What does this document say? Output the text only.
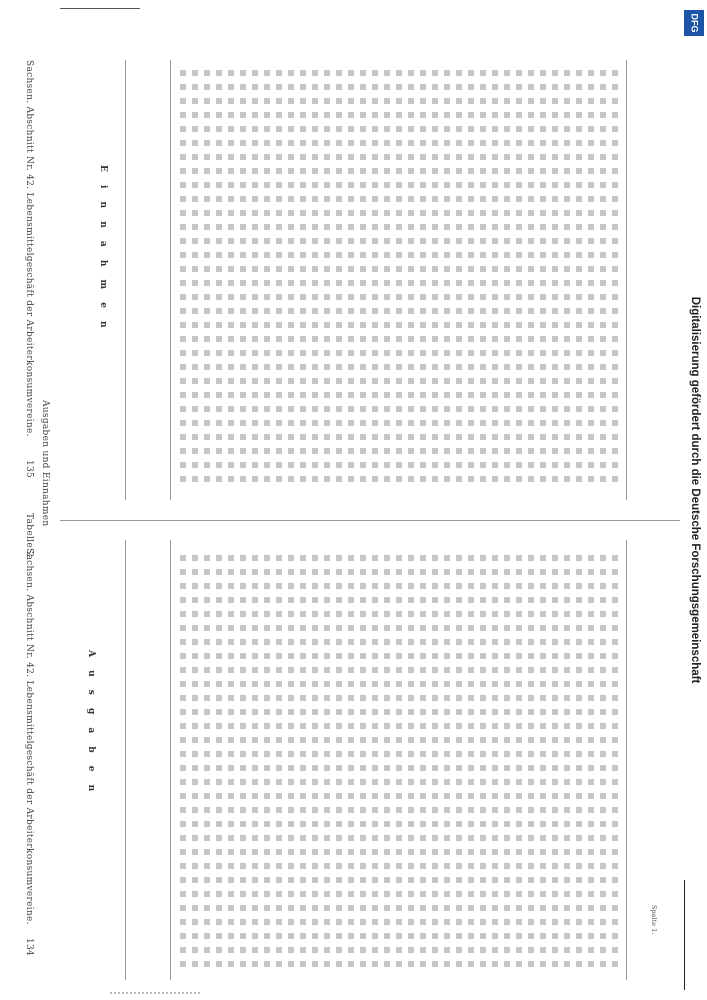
DFG
Digitalisierung gefördert durch die Deutsche Forschungsgemeinschaft
134
Sachsen. Abschnitt Nr. 42. Lebensmittelgeschäft der Arbeiterkonsumvereine.
Tabelle 2
Sachsen. Abschnitt Nr. 42. Lebensmittelgeschäft der Arbeiterkonsumvereine.
135 Ausgaben und Einnahmen
A u s g a b e n
E i n n a h m e n
Spalte 1.
